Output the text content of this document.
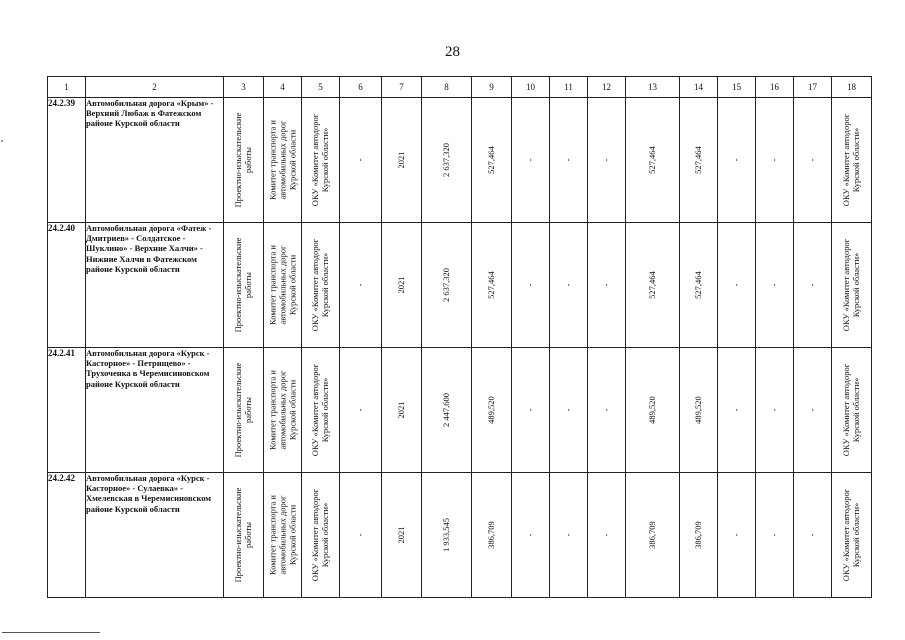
28
1	2	3	4	5	6	7	8	9	10	11	12	13	14	15	16	17	18
24.2.39	Автомобильная дорога «Крым» - Верхний Любаж в Фатежском районе Курской области	Проектно-изыскательские работы	Комитет транспорта и автомобильных дорог Курской области	ОКУ «Комитет автодорог Курской области»	-	2021	2 637,320	527,464	-	-	-	527,464	527,464	-	-	-	ОКУ «Комитет автодорог Курской области»

24.2.40	Автомобильная дорога «Фатеж - Дмитриев» - Солдатское - Шуклино» - Верхние Халчи» - Нижние Халчи в Фатежском районе Курской области	Проектно-изыскательские работы	Комитет транспорта и автомобильных дорог Курской области	ОКУ «Комитет автодорог Курской области»	-	2021	2 637,320	527,464	-	-	-	527,464	527,464	-	-	-	ОКУ «Комитет автодорог Курской области»

24.2.41	Автомобильная дорога «Курск - Касторное» - Петрищево» - Трухоченка в Черемисиновском районе Курской области	Проектно-изыскательские работы	Комитет транспорта и автомобильных дорог Курской области	ОКУ «Комитет автодорог Курской области»	-	2021	2 447,600	489,520	-	-	-	489,520	489,520	-	-	-	ОКУ «Комитет автодорог Курской области»

24.2.42	Автомобильная дорога «Курск - Касторное» - Сулаевка» - Хмелевская в Черемисиновском районе Курской области	Проектно-изыскательские работы	Комитет транспорта и автомобильных дорог Курской области	ОКУ «Комитет автодорог Курской области»	-	2021	1 933,545	386,709	-	-	-	386,709	386,709	-	-	-	ОКУ «Комитет автодорог Курской области»
